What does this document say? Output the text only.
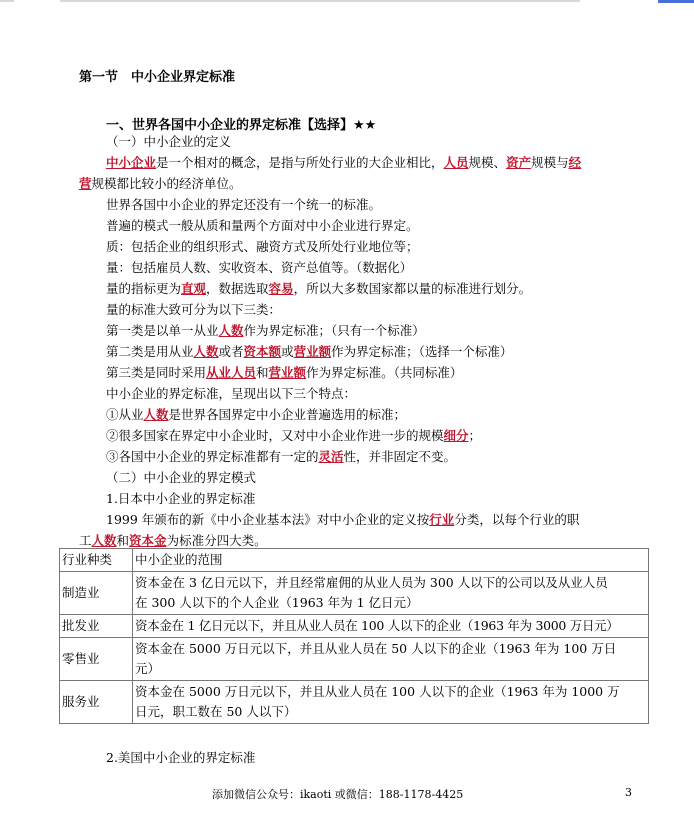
第一节　中小企业界定标准
一、世界各国中小企业的界定标准【选择】★★
（一）中小企业的定义
中小企业是一个相对的概念，是指与所处行业的大企业相比，人员规模、资产规模与经
营规模都比较小的经济单位。
世界各国中小企业的界定还没有一个统一的标准。
普遍的模式一般从质和量两个方面对中小企业进行界定。
质：包括企业的组织形式、融资方式及所处行业地位等；
量：包括雇员人数、实收资本、资产总值等。（数据化）
量的指标更为直观，数据选取容易，所以大多数国家都以量的标准进行划分。
量的标准大致可分为以下三类：
第一类是以单一从业人数作为界定标准；（只有一个标准）
第二类是用从业人数或者资本额或营业额作为界定标准；（选择一个标准）
第三类是同时采用从业人员和营业额作为界定标准。（共同标准）
中小企业的界定标准，呈现出以下三个特点：
①从业人数是世界各国界定中小企业普遍选用的标准；
②很多国家在界定中小企业时，又对中小企业作进一步的规模细分；
③各国中小企业的界定标准都有一定的灵活性，并非固定不变。
（二）中小企业的界定模式
1.日本中小企业的界定标准
1999 年颁布的新《中小企业基本法》对中小企业的定义按行业分类，以每个行业的职
工人数和资本金为标准分四大类。
行业种类	中小企业的范围
制造业	资本金在 3 亿日元以下，并且经常雇佣的从业人员为 300 人以下的公司以及从业人员
在 300 人以下的个人企业（1963 年为 1 亿日元）

批发业	资本金在 1 亿日元以下，并且从业人员在 100 人以下的企业（1963 年为 3000 万日元）

零售业	资本金在 5000 万日元以下，并且从业人员在 50 人以下的企业（1963 年为 100 万日
元）

服务业	资本金在 5000 万日元以下，并且从业人员在 100 人以下的企业（1963 年为 1000 万
日元，职工数在 50 人以下）
2.美国中小企业的界定标准
添加微信公众号：ikaoti 或微信：188-1178-4425	3
